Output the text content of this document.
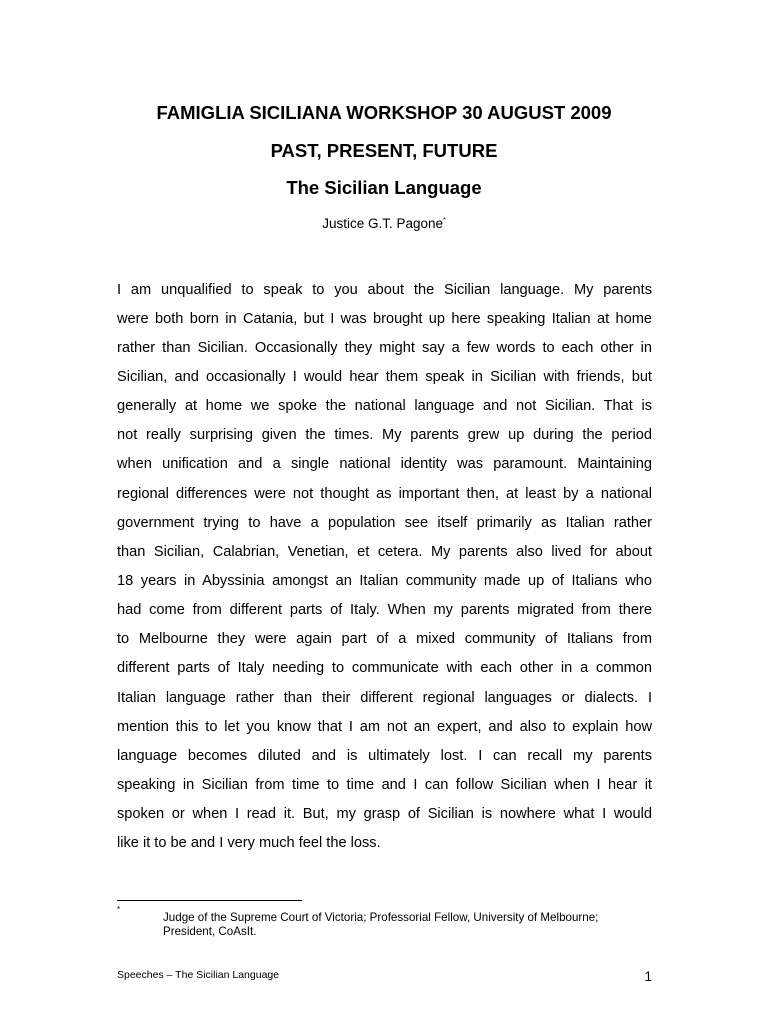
FAMIGLIA SICILIANA WORKSHOP 30 AUGUST 2009
PAST, PRESENT, FUTURE
The Sicilian Language
Justice G.T. Pagone*
I am unqualified to speak to you about the Sicilian language. My parents
were both born in Catania, but I was brought up here speaking Italian at home
rather than Sicilian. Occasionally they might say a few words to each other in
Sicilian, and occasionally I would hear them speak in Sicilian with friends, but
generally at home we spoke the national language and not Sicilian. That is
not really surprising given the times. My parents grew up during the period
when unification and a single national identity was paramount. Maintaining
regional differences were not thought as important then, at least by a national
government trying to have a population see itself primarily as Italian rather
than Sicilian, Calabrian, Venetian, et cetera. My parents also lived for about
18 years in Abyssinia amongst an Italian community made up of Italians who
had come from different parts of Italy. When my parents migrated from there
to Melbourne they were again part of a mixed community of Italians from
different parts of Italy needing to communicate with each other in a common
Italian language rather than their different regional languages or dialects. I
mention this to let you know that I am not an expert, and also to explain how
language becomes diluted and is ultimately lost. I can recall my parents
speaking in Sicilian from time to time and I can follow Sicilian when I hear it
spoken or when I read it. But, my grasp of Sicilian is nowhere what I would
like it to be and I very much feel the loss.
*
Judge of the Supreme Court of Victoria; Professorial Fellow, University of Melbourne; President, CoAsIt.
Speeches – The Sicilian Language	1
